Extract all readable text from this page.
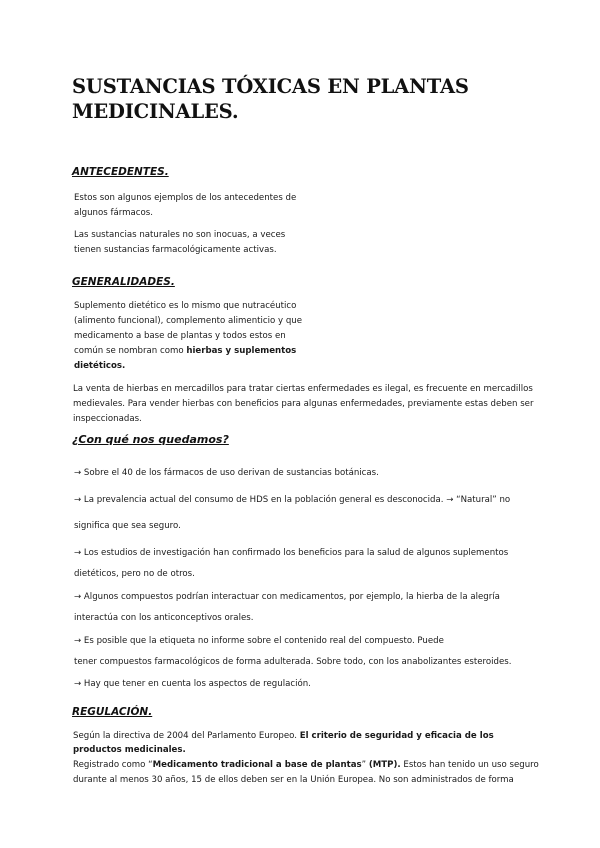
SUSTANCIAS TÓXICAS EN PLANTAS MEDICINALES.
ANTECEDENTES.

Estos son algunos ejemplos de los antecedentes de algunos fármacos.

Las sustancias naturales no son inocuas, a veces tienen sustancias farmacológicamente activas.

GENERALIDADES.

Suplemento dietético es lo mismo que nutracéutico (alimento funcional), complemento alimenticio y que medicamento a base de plantas y todos estos en común se nombran como hierbas y suplementos dietéticos.

La venta de hierbas en mercadillos para tratar ciertas enfermedades es ilegal, es frecuente en mercadillos medievales. Para vender hierbas con beneficios para algunas enfermedades, previamente estas deben ser inspeccionadas.

¿Con qué nos quedamos?

→ Sobre el 40 de los fármacos de uso derivan de sustancias botánicas.

→ La prevalencia actual del consumo de HDS en la población general es desconocida. → “Natural” no

significa que sea seguro.

→ Los estudios de investigación han confirmado los beneficios para la salud de algunos suplementos

dietéticos, pero no de otros.

→ Algunos compuestos podrían interactuar con medicamentos, por ejemplo, la hierba de la alegría

interactúa con los anticonceptivos orales.

→ Es posible que la etiqueta no informe sobre el contenido real del compuesto. Puede

tener compuestos farmacológicos de forma adulterada. Sobre todo, con los anabolizantes esteroides.

→ Hay que tener en cuenta los aspectos de regulación.

REGULACIÓN.

Según la directiva de 2004 del Parlamento Europeo. El criterio de seguridad y eficacia de los productos medicinales.

Registrado como “Medicamento tradicional a base de plantas” (MTP). Estos han tenido un uso seguro durante al menos 30 años, 15 de ellos deben ser en la Unión Europea. No son administrados de forma
